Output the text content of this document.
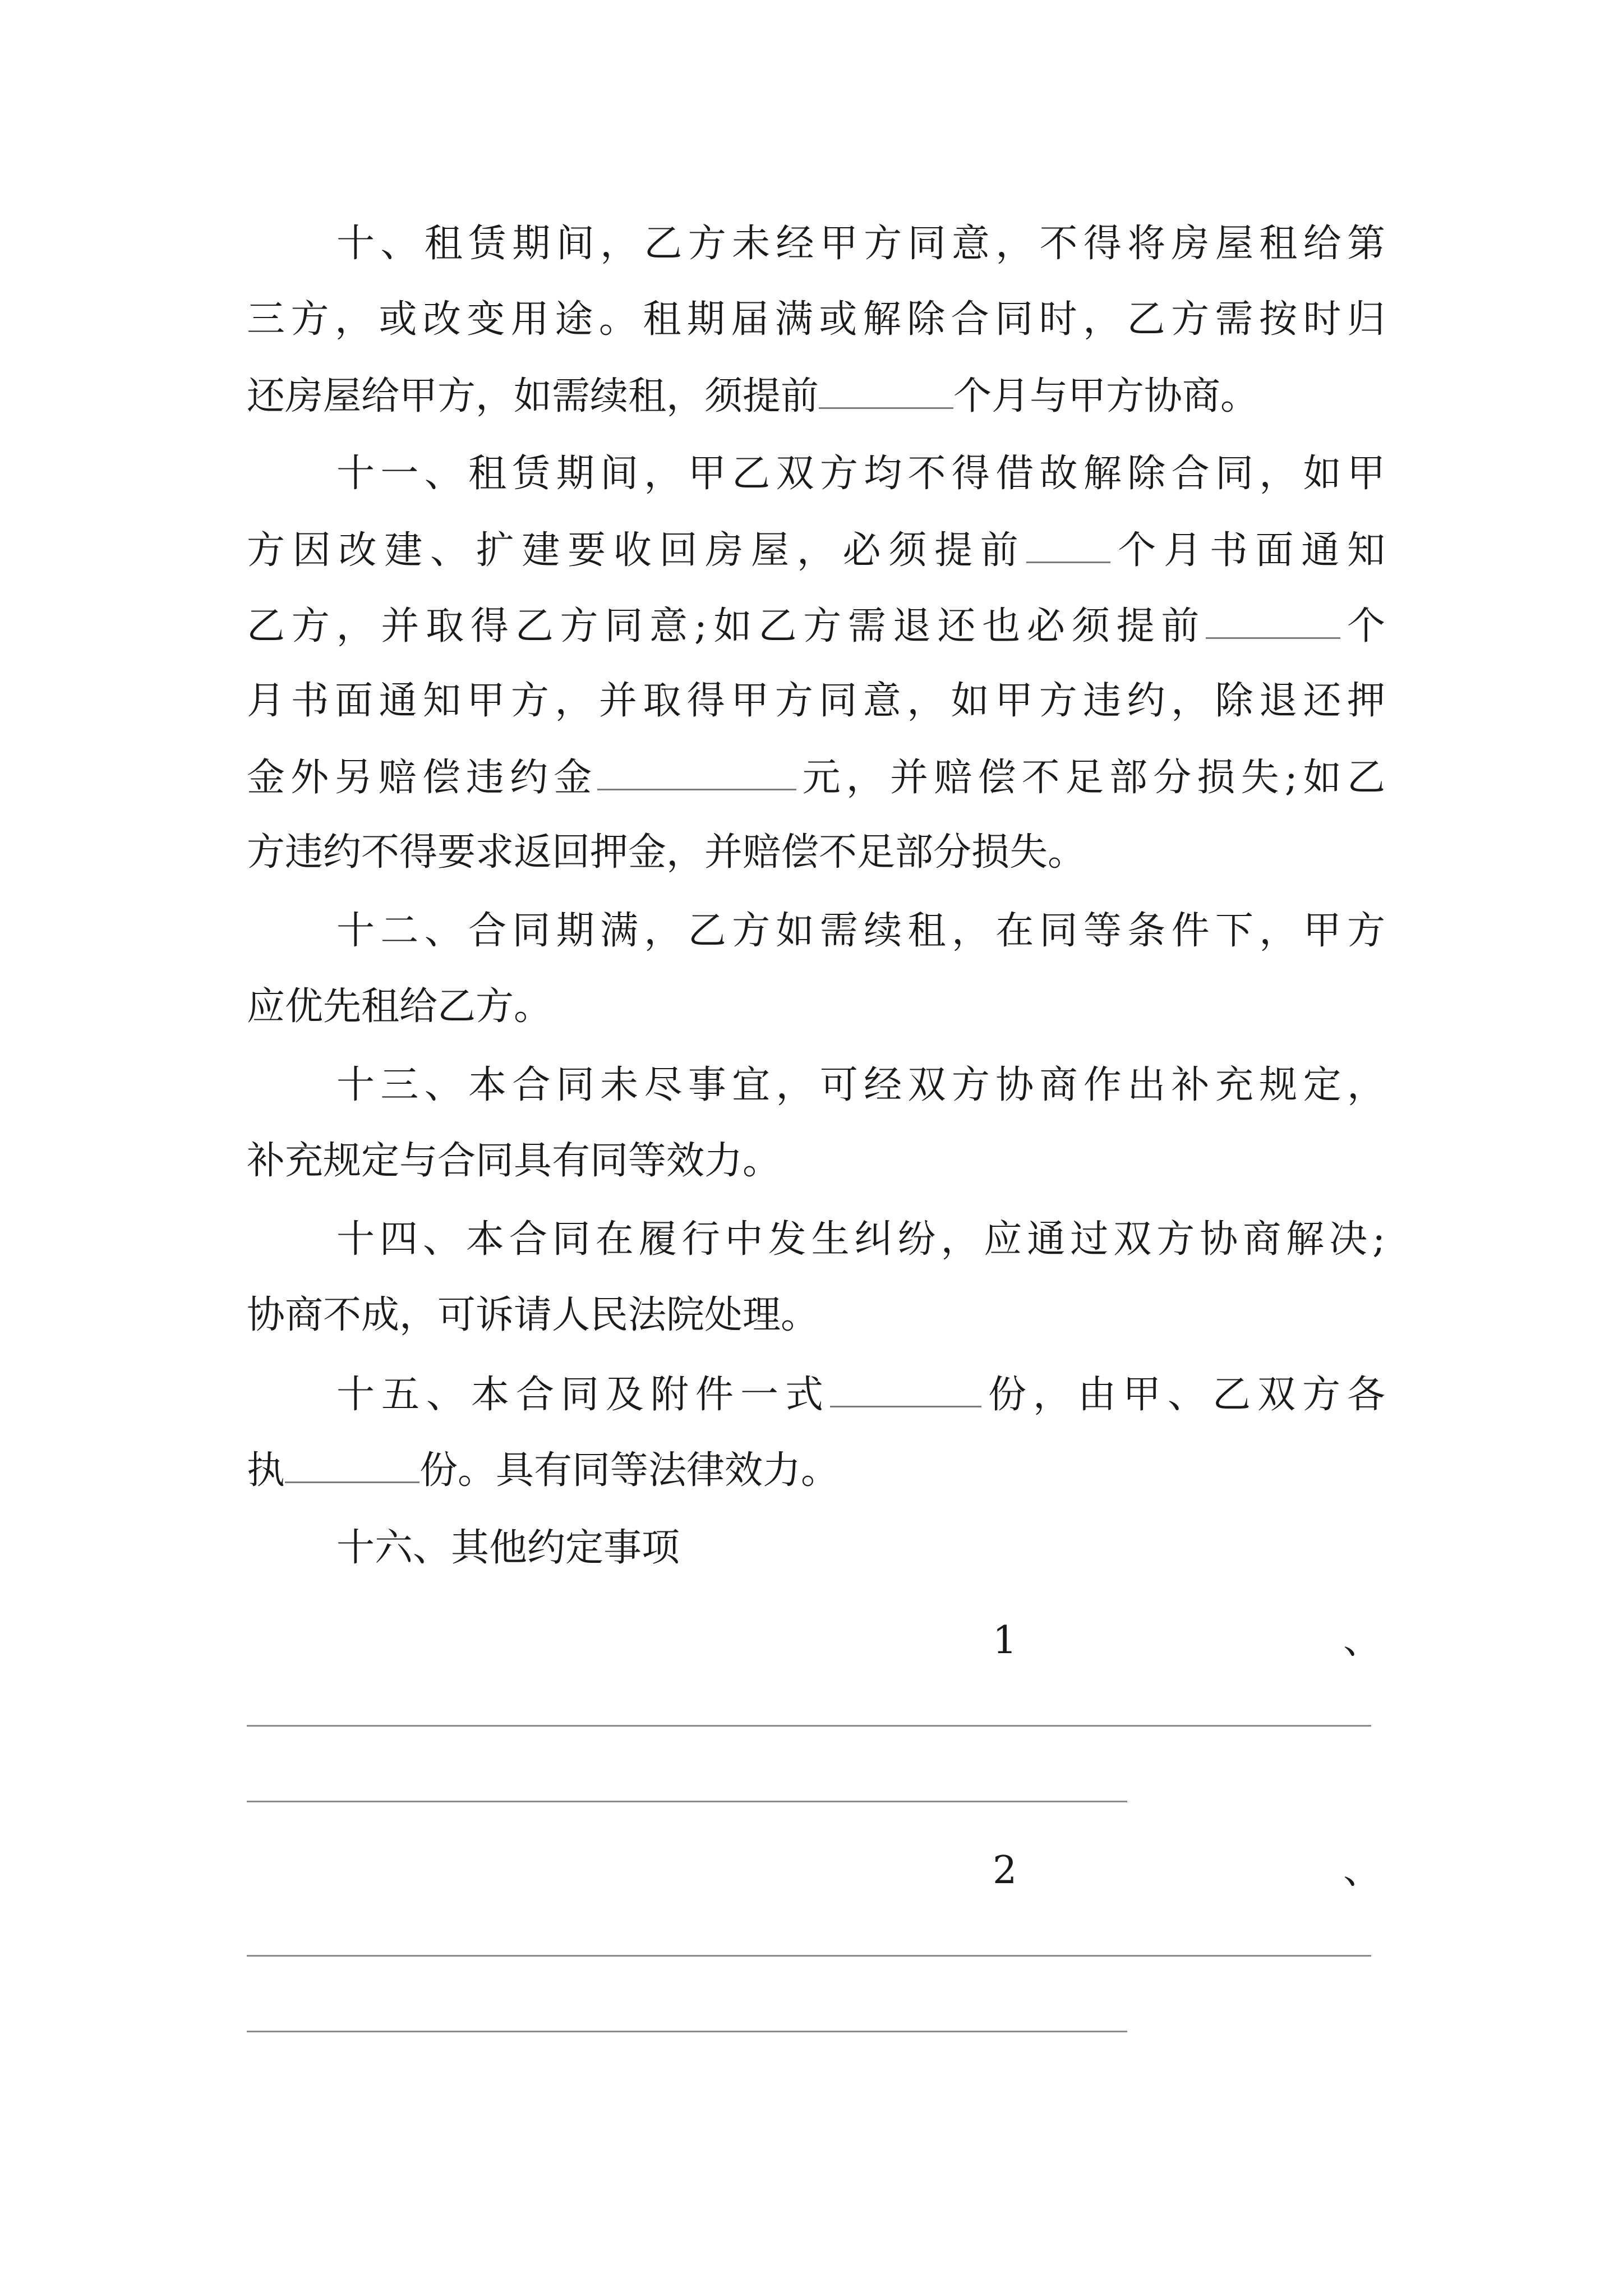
十、租赁期间，乙方未经甲方同意，不得将房屋租给第
三方，或改变用途。租期届满或解除合同时，乙方需按时归
还房屋给甲方，如需续租，须提前	个月与甲方协商。
十一、租赁期间，甲乙双方均不得借故解除合同，如甲
方因改建、扩建要收回房屋，必须提前 个月书面通知
乙方，并取得乙方同意;如乙方需退还也必须提前	个
月书面通知甲方，并取得甲方同意，如甲方违约，除退还押
金外另赔偿违约金	元，并赔偿不足部分损失;如乙
方违约不得要求返回押金，并赔偿不足部分损失。
十二、合同期满，乙方如需续租，在同等条件下，甲方
应优先租给乙方。
十三、本合同未尽事宜，可经双方协商作出补充规定，
补充规定与合同具有同等效力。
十四、本合同在履行中发生纠纷，应通过双方协商解决;
协商不成，可诉请人民法院处理。
十五、本合同及附件一式	份，由甲、乙双方各
执	份。具有同等法律效力。
十六、其他约定事项
1	、
2	、
